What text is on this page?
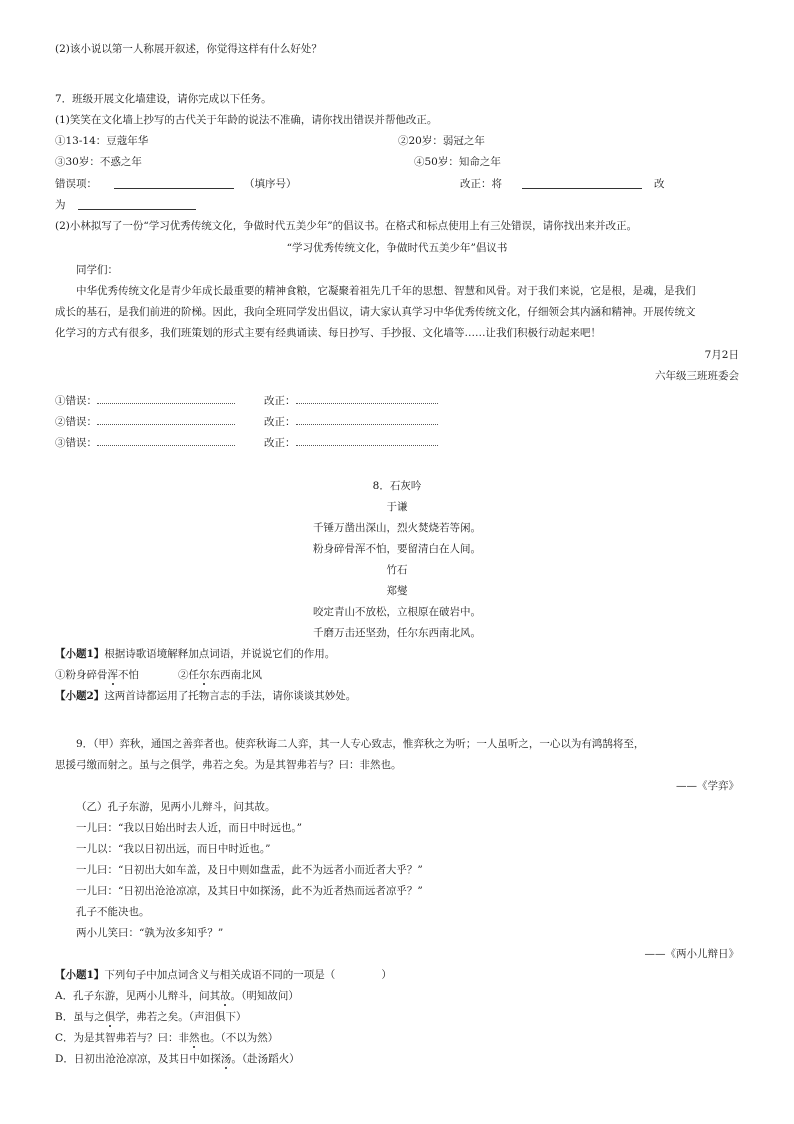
(2)该小说以第一人称展开叙述，你觉得这样有什么好处？
7．班级开展文化墙建设，请你完成以下任务。
(1)笑笑在文化墙上抄写的古代关于年龄的说法不准确，请你找出错误并帮他改正。
①13-14：豆蔻年华	②20岁：弱冠之年
③30岁：不惑之年	④50岁：知命之年
错误项：	（填序号）	改正：将	改
为
(2)小林拟写了一份“学习优秀传统文化，争做时代五美少年”的倡议书。在格式和标点使用上有三处错误，请你找出来并改正。
“学习优秀传统文化，争做时代五美少年”倡议书
同学们：
中华优秀传统文化是青少年成长最重要的精神食粮，它凝聚着祖先几千年的思想、智慧和风骨。对于我们来说，它是根，是魂，是我们
成长的基石，是我们前进的阶梯。因此，我向全班同学发出倡议，请大家认真学习中华优秀传统文化，仔细领会其内涵和精神。开展传统文
化学习的方式有很多，我们班策划的形式主要有经典诵读、每日抄写、手抄报、文化墙等……让我们积极行动起来吧！
7月2日
六年级三班班委会
①错误：	改正：
②错误：	改正：
③错误：	改正：
8．石灰吟
于谦
千锤万凿出深山，烈火焚烧若等闲。
粉身碎骨浑不怕，要留清白在人间。
竹石
郑燮
咬定青山不放松，立根原在破岩中。
千磨万击还坚劲，任尔东西南北风。
【小题1】根据诗歌语境解释加点词语，并说说它们的作用。
①粉身碎骨浑不怕	②任尔东西南北风
【小题2】这两首诗都运用了托物言志的手法，请你谈谈其妙处。
9．（甲）弈秋，通国之善弈者也。使弈秋诲二人弈，其一人专心致志，惟弈秋之为听；一人虽听之，一心以为有鸿鹄将至，
思援弓缴而射之。虽与之俱学，弗若之矣。为是其智弗若与？曰：非然也。
——《学弈》
（乙）孔子东游，见两小儿辩斗，问其故。
一儿曰：“我以日始出时去人近，而日中时远也。”
一儿以：“我以日初出远，而日中时近也。”
一儿曰：“日初出大如车盖，及日中则如盘盂，此不为远者小而近者大乎？”
一儿曰：“日初出沧沧凉凉，及其日中如探汤，此不为近者热而远者凉乎？”
孔子不能决也。
两小儿笑曰：“孰为汝多知乎？”
——《两小儿辩日》
【小题1】下列句子中加点词含义与相关成语不同的一项是（	）
A．孔子东游，见两小儿辩斗，问其故。（明知故问）
B．虽与之俱学，弗若之矣。（声泪俱下）
C．为是其智弗若与？曰：非然也。（不以为然）
D．日初出沧沧凉凉，及其日中如探汤。（赴汤蹈火）
